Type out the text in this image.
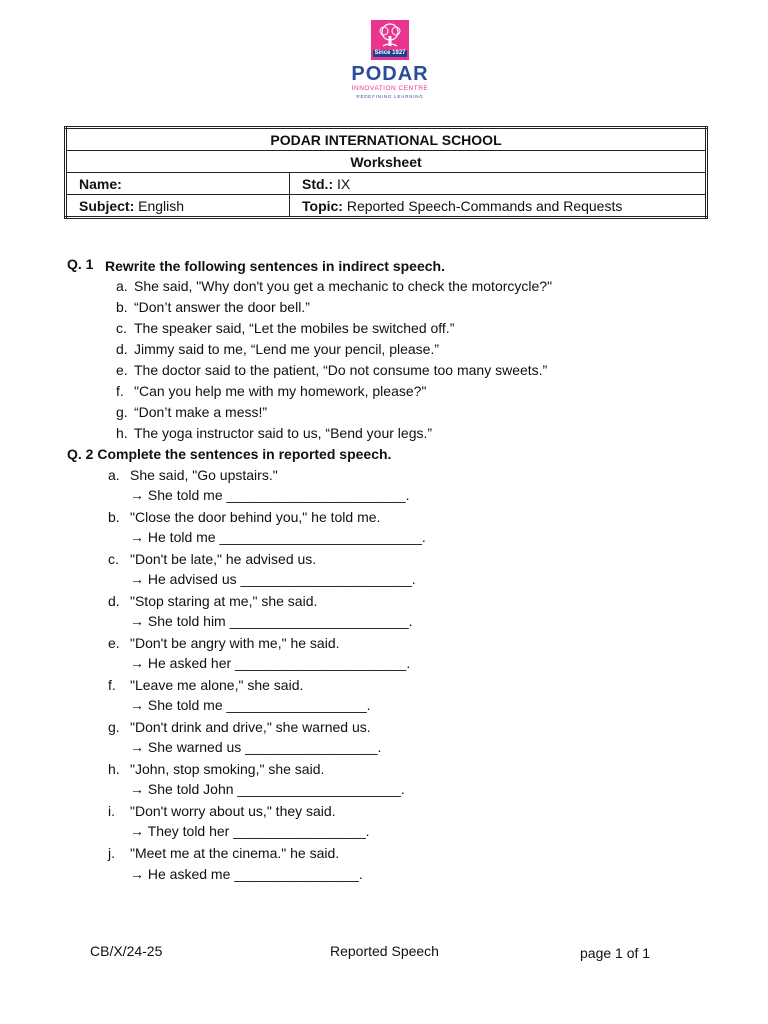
Since 1927
PODAR
INNOVATION CENTRE
REDEFINING LEARNING
PODAR INTERNATIONAL SCHOOL	
Worksheet	
Name:	Std.: IX
Subject: English	Topic: Reported Speech-Commands and Requests
Q. 1 Rewrite the following sentences in indirect speech.
a. She said, "Why don't you get a mechanic to check the motorcycle?"
b. “Don’t answer the door bell.”
c. The speaker said, “Let the mobiles be switched off.”
d. Jimmy said to me, “Lend me your pencil, please.”
e. The doctor said to the patient, “Do not consume too many sweets.”
f. "Can you help me with my homework, please?"
g. “Don’t make a mess!”
h. The yoga instructor said to us, “Bend your legs.”
Q. 2 Complete the sentences in reported speech.
a. She said, "Go upstairs."
→ She told me _______________________.
b. "Close the door behind you," he told me.
→ He told me __________________________.
c. "Don't be late," he advised us.
→ He advised us ______________________.
d. "Stop staring at me," she said.
→ She told him _______________________.
e. "Don't be angry with me," he said.
→ He asked her ______________________.
f. "Leave me alone," she said.
→ She told me __________________.
g. "Don't drink and drive," she warned us.
→ She warned us _________________.
h. "John, stop smoking," she said.
→ She told John _____________________.
i. "Don't worry about us," they said.
→ They told her _________________.
j. "Meet me at the cinema." he said.
→ He asked me ________________.
CB/X/24-25	Reported Speech	page 1 of 1
